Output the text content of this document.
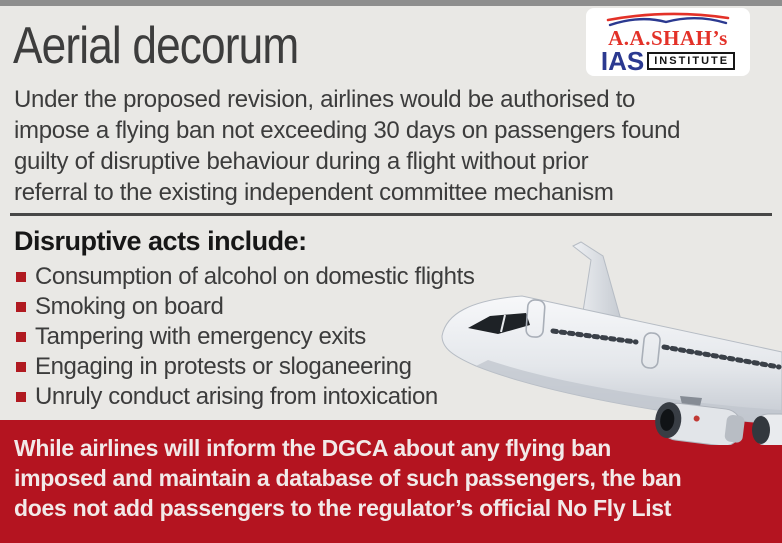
Aerial decorum	A.A.SHAH’s
IAS INSTITUTE
Under the proposed revision, airlines would be authorised to
impose a flying ban not exceeding 30 days on passengers found
guilty of disruptive behaviour during a flight without prior
referral to the existing independent committee mechanism
Disruptive acts include:
Consumption of alcohol on domestic flights
Smoking on board
Tampering with emergency exits
Engaging in protests or sloganeering
Unruly conduct arising from intoxication
While airlines will inform the DGCA about any flying ban
imposed and maintain a database of such passengers, the ban
does not add passengers to the regulator’s official No Fly List
